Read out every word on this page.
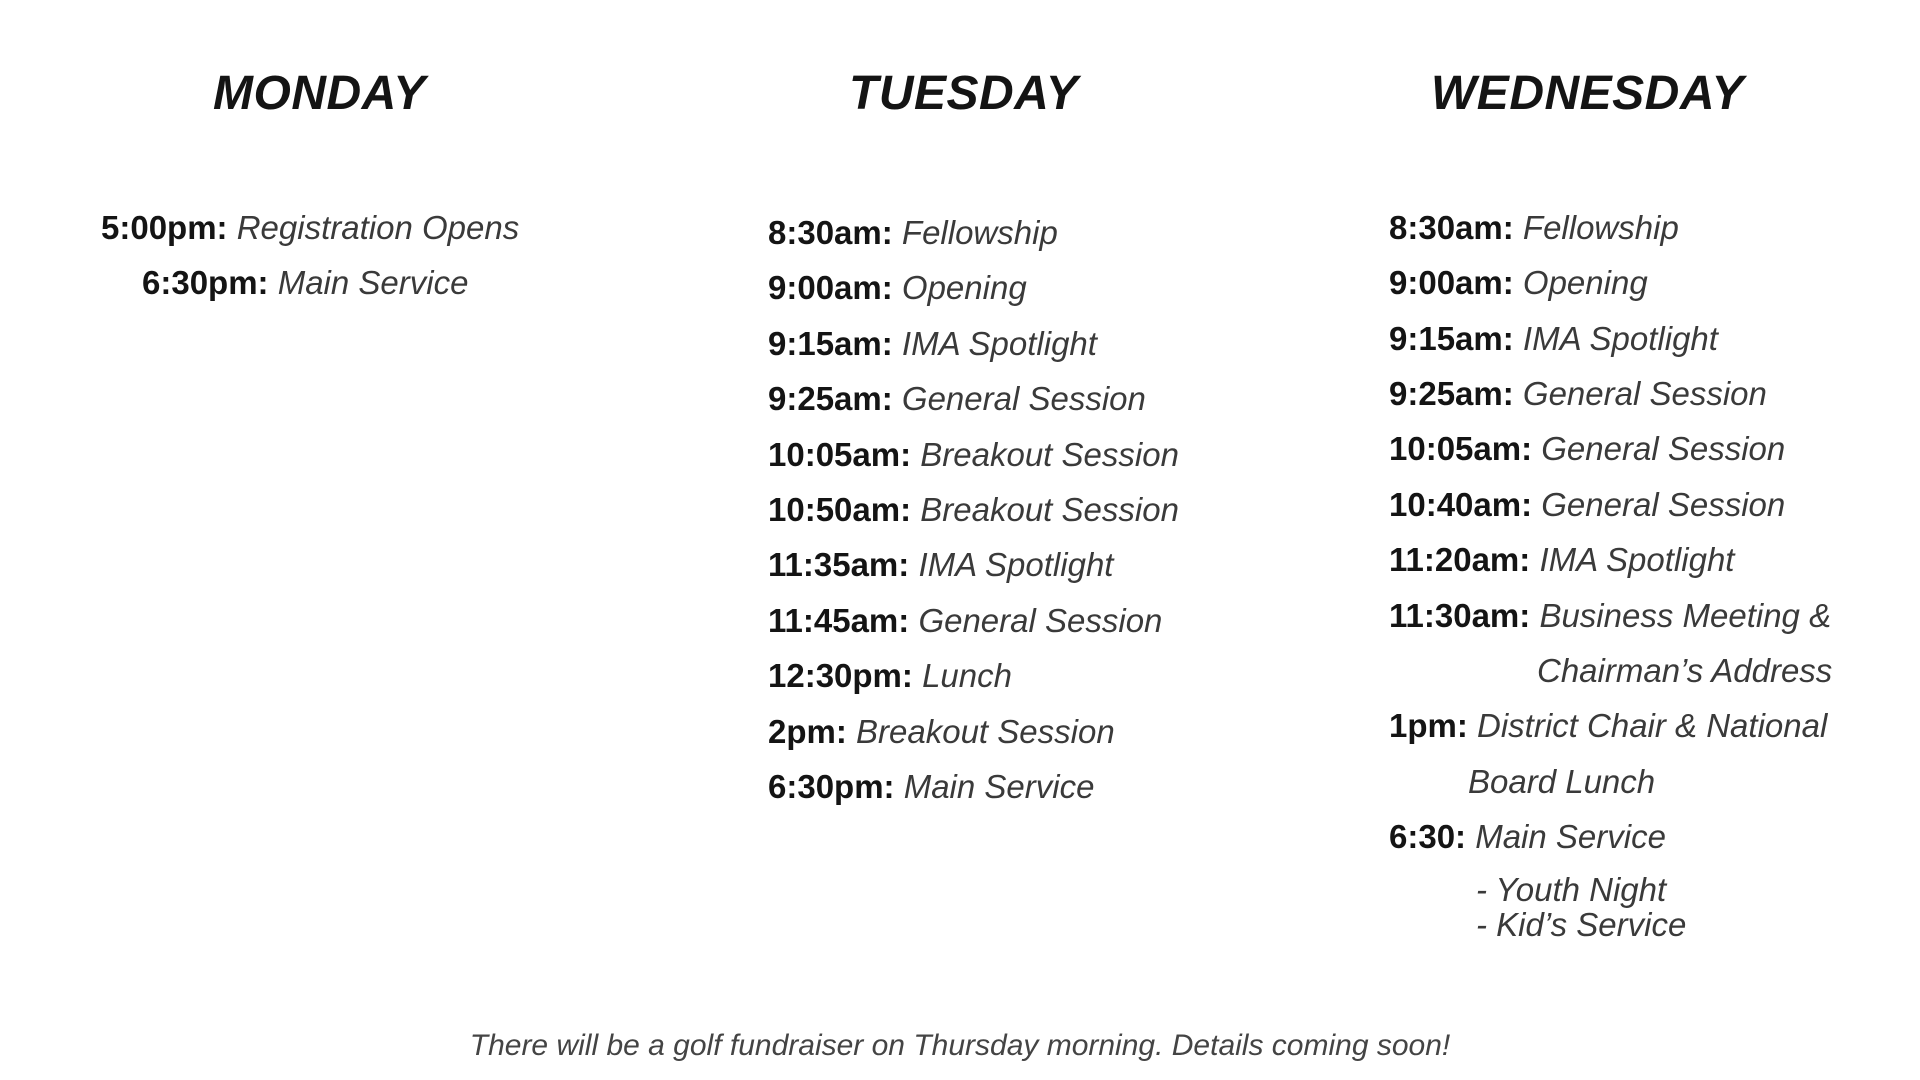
MONDAY
5:00pm: Registration Opens
6:30pm: Main Service
TUESDAY
8:30am: Fellowship
9:00am: Opening
9:15am: IMA Spotlight
9:25am: General Session
10:05am: Breakout Session
10:50am: Breakout Session
11:35am: IMA Spotlight
11:45am: General Session
12:30pm: Lunch
2pm: Breakout Session
6:30pm: Main Service
WEDNESDAY
8:30am: Fellowship
9:00am: Opening
9:15am: IMA Spotlight
9:25am: General Session
10:05am: General Session
10:40am: General Session
11:20am: IMA Spotlight
11:30am: Business Meeting &
Chairman’s Address
1pm: District Chair & National
Board Lunch
6:30: Main Service
- Youth Night
- Kid’s Service
There will be a golf fundraiser on Thursday morning. Details coming soon!
